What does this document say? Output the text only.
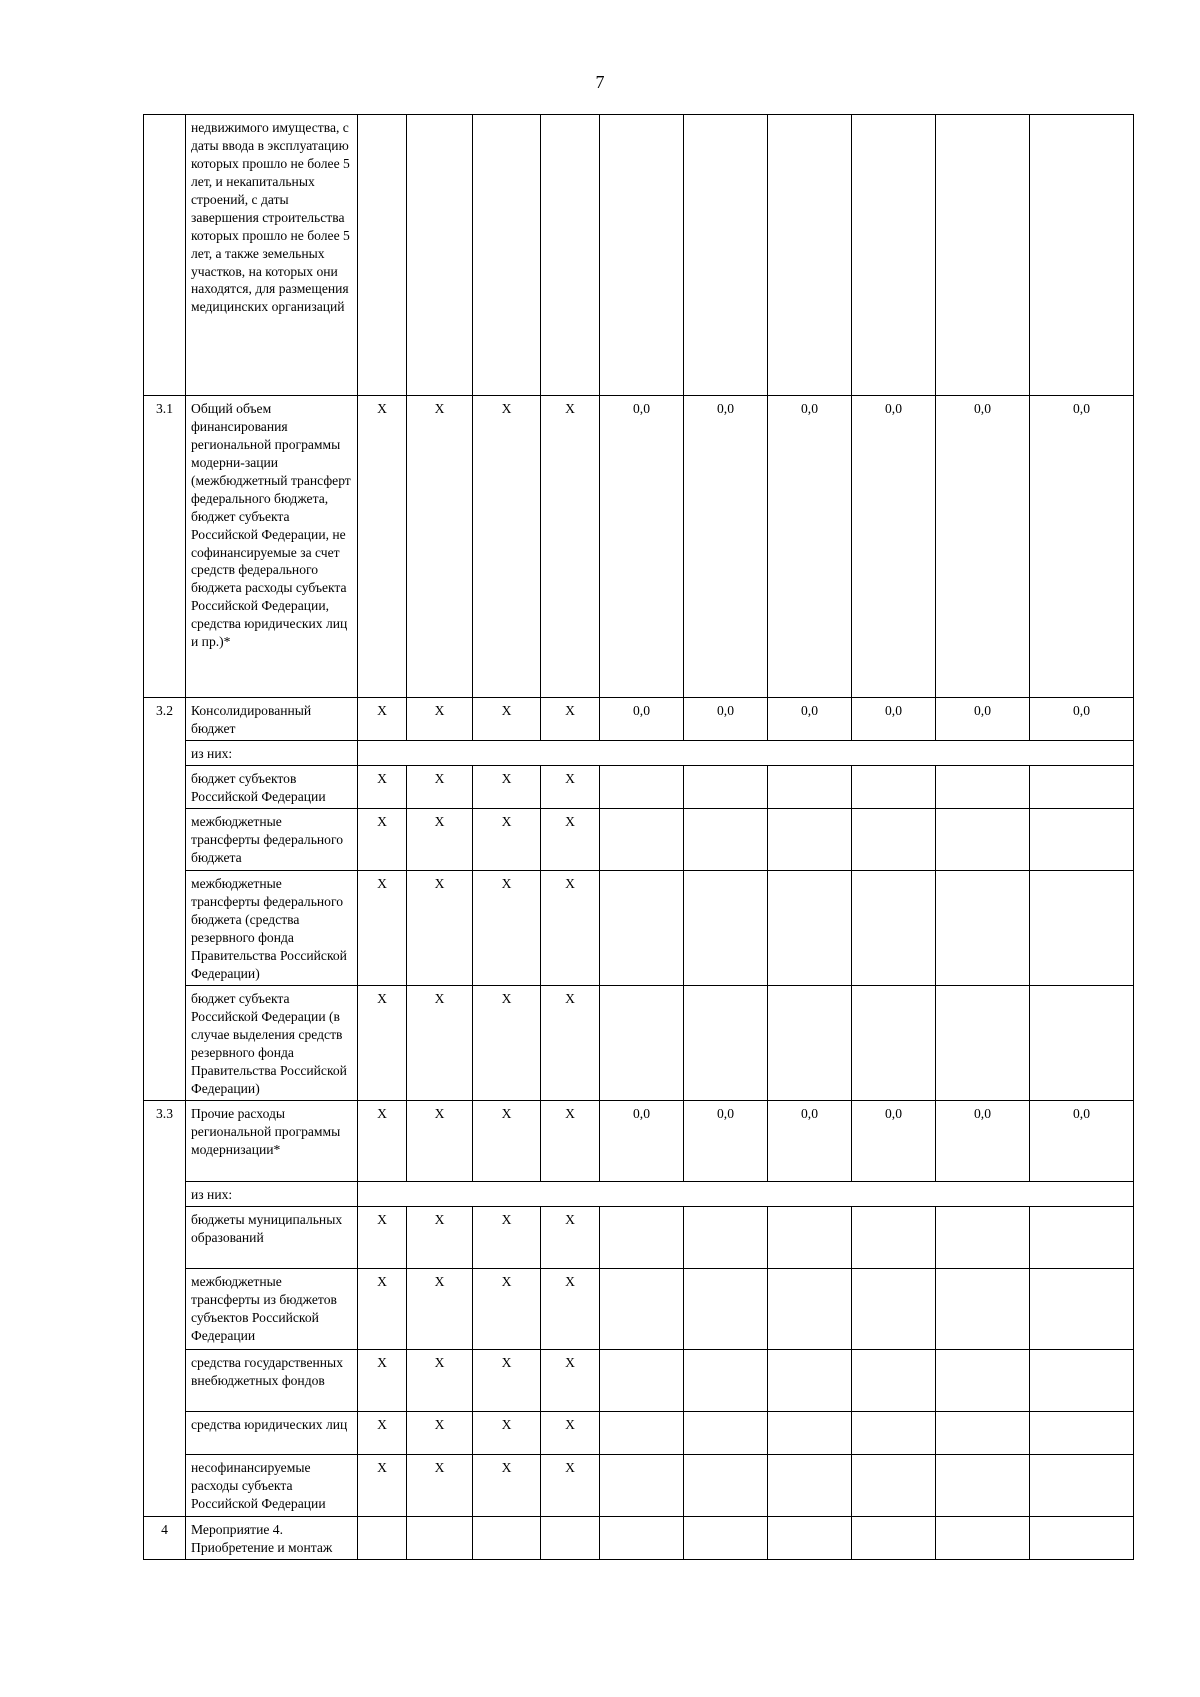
7
	недвижимого имущества, с даты ввода в эксплуатацию которых прошло не более 5 лет, и некапитальных строений, с даты завершения строительства которых прошло не более 5 лет, а также земельных участков, на которых они находятся, для размещения медицинских организаций										
3.1	Общий объем финансирования региональной программы модерни-зации (межбюджетный трансферт федерального бюджета, бюджет субъекта Российской Федерации, не софинансируемые за счет средств федерального бюджета расходы субъекта Российской Федерации, средства юридических лиц и пр.)*	Х	Х	Х	Х	0,0	0,0	0,0	0,0	0,0	0,0
3.2	Консолидированный бюджет	Х	Х	Х	Х	0,0	0,0	0,0	0,0	0,0	0,0
	из них:										
	бюджет субъектов Российской Федерации	Х	Х	Х	Х						
	межбюджетные трансферты федерального бюджета	Х	Х	Х	Х						
	межбюджетные трансферты федерального бюджета (средства резервного фонда Правительства Российской Федерации)	Х	Х	Х	Х						
	бюджет субъекта Российской Федерации (в случае выделения средств резервного фонда Правительства Российской Федерации)	Х	Х	Х	Х						
3.3	Прочие расходы региональной программы модернизации*	Х	Х	Х	Х	0,0	0,0	0,0	0,0	0,0	0,0
	из них:										
	бюджеты муниципальных образований	Х	Х	Х	Х						
	межбюджетные трансферты из бюджетов субъектов Российской Федерации	Х	Х	Х	Х						
	средства государственных внебюджетных фондов	Х	Х	Х	Х						
	средства юридических лиц	Х	Х	Х	Х						
	несофинансируемые расходы субъекта Российской Федерации	Х	Х	Х	Х						
4	Мероприятие 4. Приобретение и монтаж										
